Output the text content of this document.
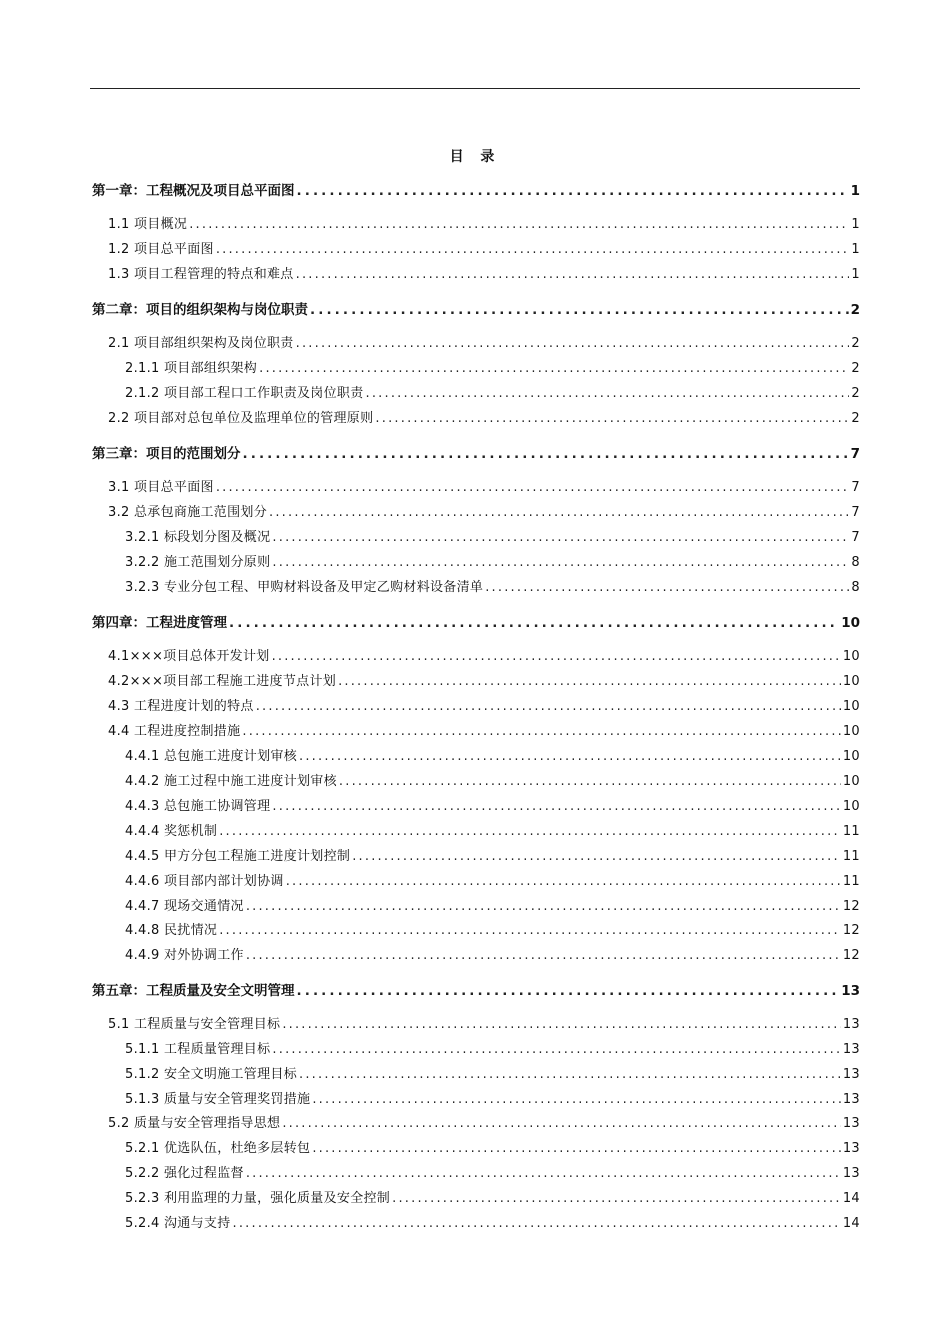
目 录
第一章：工程概况及项目总平面图 .....	1
1.1 项目概况 .....	1
1.2 项目总平面图 .....	1
1.3 项目工程管理的特点和难点 .....	1
第二章：项目的组织架构与岗位职责 .....	2
2.1 项目部组织架构及岗位职责 .....	2
2.1.1 项目部组织架构 .....	2
2.1.2 项目部工程口工作职责及岗位职责 .....	2
2.2 项目部对总包单位及监理单位的管理原则 .....	2
第三章：项目的范围划分 .....	7
3.1 项目总平面图 .....	7
3.2 总承包商施工范围划分 .....	7
3.2.1 标段划分图及概况 .....	7
3.2.2 施工范围划分原则 .....	8
3.2.3 专业分包工程、甲购材料设备及甲定乙购材料设备清单 .....	8
第四章：工程进度管理 .....	10
4.1×××项目总体开发计划 .....	10
4.2×××项目部工程施工进度节点计划 .....	10
4.3 工程进度计划的特点 .....	10
4.4 工程进度控制措施 .....	10
4.4.1 总包施工进度计划审核 .....	10
4.4.2 施工过程中施工进度计划审核 .....	10
4.4.3 总包施工协调管理 .....	10
4.4.4 奖惩机制 .....	11
4.4.5 甲方分包工程施工进度计划控制 .....	11
4.4.6 项目部内部计划协调 .....	11
4.4.7 现场交通情况 .....	12
4.4.8 民扰情况 .....	12
4.4.9 对外协调工作 .....	12
第五章：工程质量及安全文明管理 .....	13
5.1 工程质量与安全管理目标 .....	13
5.1.1 工程质量管理目标 .....	13
5.1.2 安全文明施工管理目标 .....	13
5.1.3 质量与安全管理奖罚措施 .....	13
5.2 质量与安全管理指导思想 .....	13
5.2.1 优选队伍，杜绝多层转包 .....	13
5.2.2 强化过程监督 .....	13
5.2.3 利用监理的力量，强化质量及安全控制 .....	14
5.2.4 沟通与支持 .....	14
